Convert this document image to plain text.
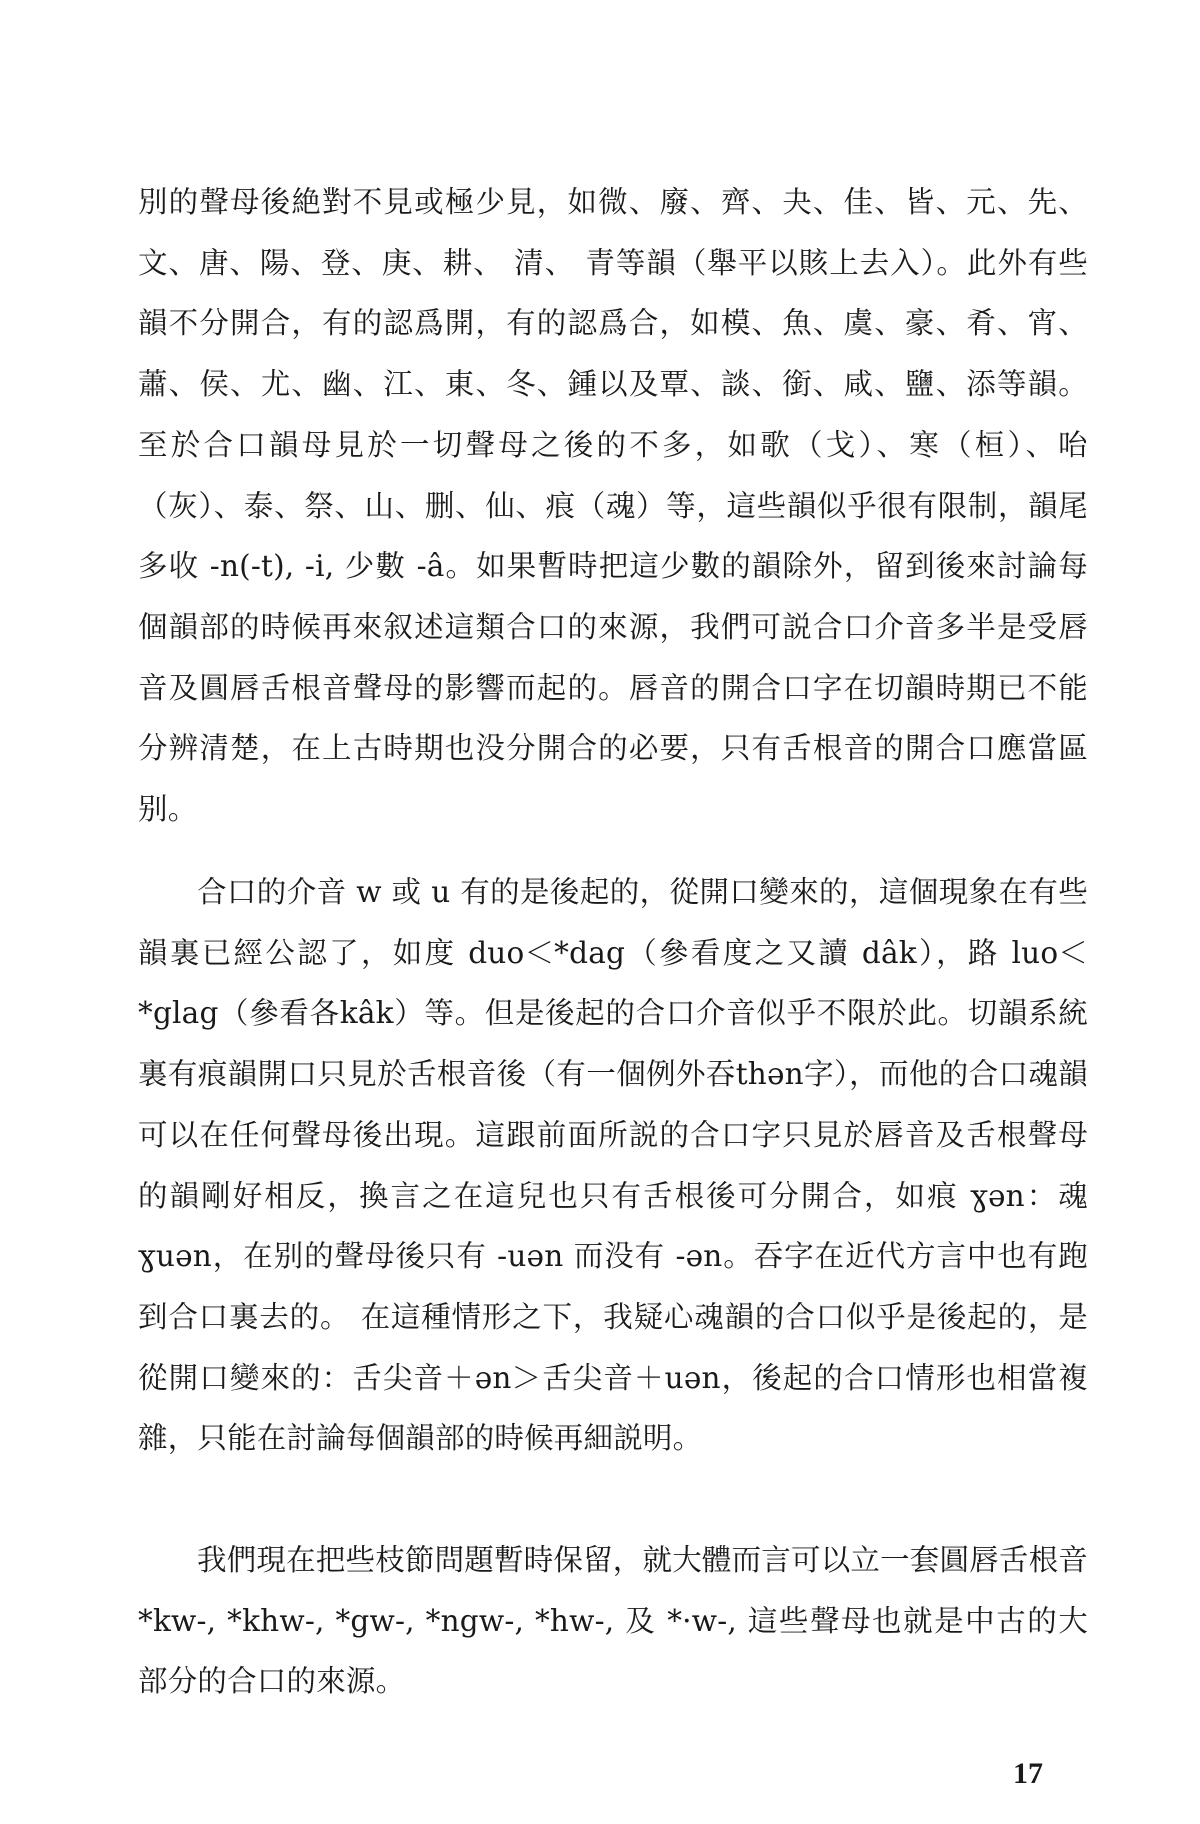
別的聲母後絶對不見或極少見，如微、廢、齊、夬、佳、皆、元、先、文、唐、陽、登、庚、耕、 清、 青等韻（舉平以賅上去入）。此外有些韻不分開合，有的認爲開，有的認爲合，如模、魚、虞、豪、肴、宵、蕭、侯、尤、幽、江、東、冬、鍾以及覃、談、銜、咸、鹽、添等韻。至於合口韻母見於一切聲母之後的不多，如歌（戈）、寒（桓）、咍（灰）、泰、祭、山、删、仙、痕（魂）等，這些韻似乎很有限制，韻尾多收 -n(-t), -i, 少數 -â。如果暫時把這少數的韻除外，留到後來討論每個韻部的時候再來叙述這類合口的來源，我們可説合口介音多半是受唇音及圓唇舌根音聲母的影響而起的。唇音的開合口字在切韻時期已不能分辨清楚，在上古時期也没分開合的必要，只有舌根音的開合口應當區别。

合口的介音 w 或 u 有的是後起的，從開口變來的，這個現象在有些韻裏已經公認了，如度 duo＜*dag（參看度之又讀 dâk），路 luo＜*glag（參看各kâk）等。但是後起的合口介音似乎不限於此。切韻系統裏有痕韻開口只見於舌根音後（有一個例外吞thən字），而他的合口魂韻可以在任何聲母後出現。這跟前面所説的合口字只見於唇音及舌根聲母的韻剛好相反，換言之在這兒也只有舌根後可分開合，如痕 ɣən：魂 ɣuən，在别的聲母後只有 -uən 而没有 -ən。吞字在近代方言中也有跑到合口裏去的。 在這種情形之下，我疑心魂韻的合口似乎是後起的，是從開口變來的：舌尖音＋ən＞舌尖音＋uən，後起的合口情形也相當複雜，只能在討論每個韻部的時候再細説明。

我們現在把些枝節問題暫時保留，就大體而言可以立一套圓唇舌根音 *kw-, *khw-, *gw-, *ngw-, *hw-, 及 *·w-, 這些聲母也就是中古的大部分的合口的來源。

17
